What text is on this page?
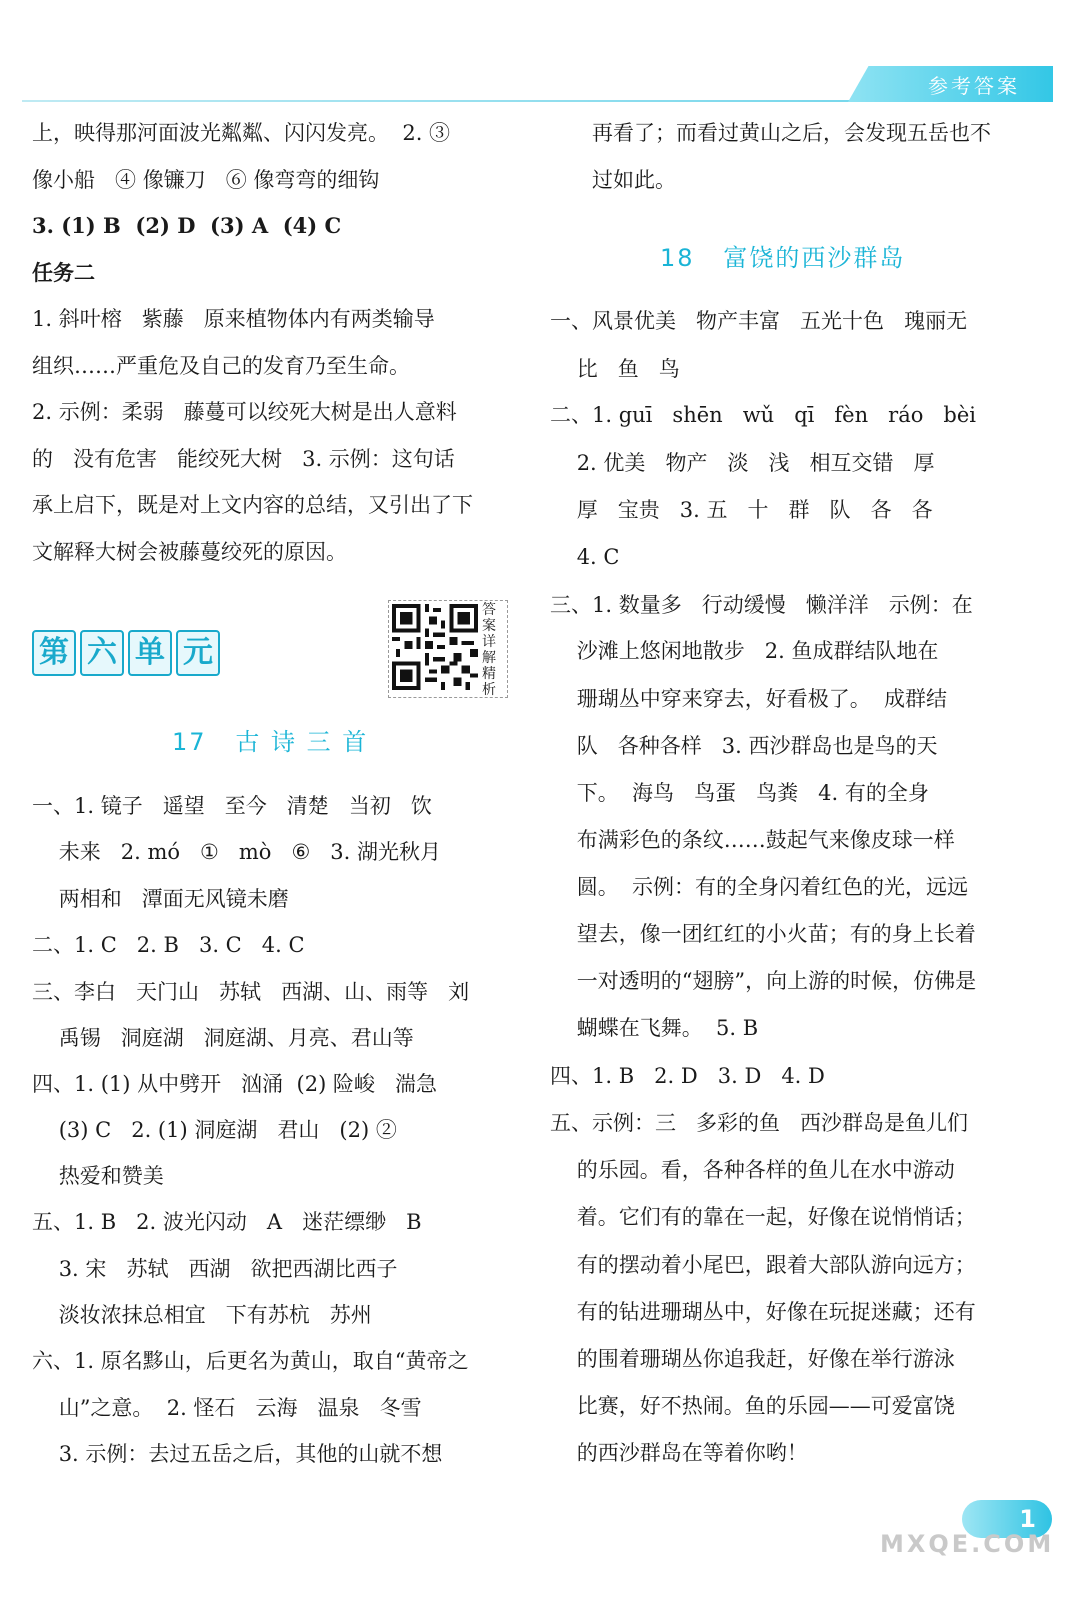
参考答案
上，映得那河面波光粼粼、闪闪发亮。  2. ③
像小船   ④ 像镰刀   ⑥ 像弯弯的细钩
3. (1) B  (2) D  (3) A  (4) C
任务二
1. 斜叶榕   紫藤   原来植物体内有两类输导
组织……严重危及自己的发育乃至生命。
2. 示例：柔弱   藤蔓可以绞死大树是出人意料
的   没有危害   能绞死大树   3. 示例：这句话
承上启下，既是对上文内容的总结，又引出了下
文解释大树会被藤蔓绞死的原因。
第 六 单 元
答案详解精析
17   古 诗 三 首
一、1. 镜子   遥望   至今   清楚   当初   饮
未来   2. mó   ①   mò   ⑥   3. 湖光秋月
两相和   潭面无风镜未磨
二、1. C   2. B   3. C   4. C
三、李白   天门山   苏轼   西湖、山、雨等   刘
禹锡   洞庭湖   洞庭湖、月亮、君山等
四、1. (1) 从中劈开   汹涌  (2) 险峻   湍急
(3) C   2. (1) 洞庭湖   君山   (2) ②
热爱和赞美
五、1. B   2. 波光闪动   A   迷茫缥缈   B
3. 宋   苏轼   西湖   欲把西湖比西子
淡妆浓抹总相宜   下有苏杭   苏州
六、1. 原名黟山，后更名为黄山，取自“黄帝之
山”之意。  2. 怪石   云海   温泉   冬雪
3. 示例：去过五岳之后，其他的山就不想
再看了；而看过黄山之后，会发现五岳也不
过如此。
18   富饶的西沙群岛
一、风景优美   物产丰富   五光十色   瑰丽无
比   鱼   鸟
二、1. guī   shēn   wǔ   qī   fèn   ráo   bèi
2. 优美   物产   淡   浅   相互交错   厚
厚   宝贵   3. 五   十   群   队   各   各
4. C
三、1. 数量多   行动缓慢   懒洋洋   示例：在
沙滩上悠闲地散步   2. 鱼成群结队地在
珊瑚丛中穿来穿去，好看极了。  成群结
队   各种各样   3. 西沙群岛也是鸟的天
下。  海鸟   鸟蛋   鸟粪   4. 有的全身
布满彩色的条纹……鼓起气来像皮球一样
圆。  示例：有的全身闪着红色的光，远远
望去，像一团红红的小火苗；有的身上长着
一对透明的“翅膀”，向上游的时候，仿佛是
蝴蝶在飞舞。  5. B
四、1. B   2. D   3. D   4. D
五、示例：三   多彩的鱼   西沙群岛是鱼儿们
的乐园。看，各种各样的鱼儿在水中游动
着。它们有的靠在一起，好像在说悄悄话；
有的摆动着小尾巴，跟着大部队游向远方；
有的钻进珊瑚丛中，好像在玩捉迷藏；还有
的围着珊瑚丛你追我赶，好像在举行游泳
比赛，好不热闹。鱼的乐园——可爱富饶
的西沙群岛在等着你哟！
1
MXQE.COM
